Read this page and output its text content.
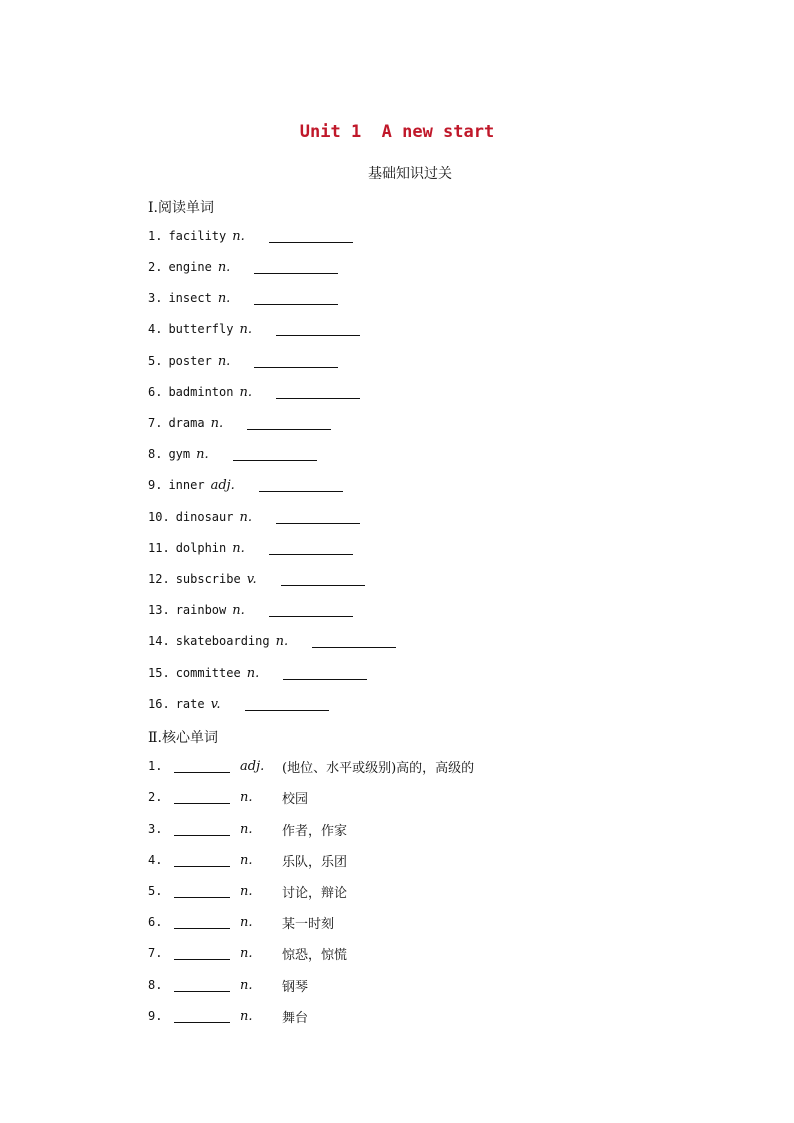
Unit 1  A new start
基础知识过关
Ⅰ.阅读单词
1. facility n.
2. engine n.
3. insect n.
4. butterfly n.
5. poster n.
6. badminton n.
7. drama n.
8. gym n.
9. inner adj.
10. dinosaur n.
11. dolphin n.
12. subscribe v.
13. rainbow n.
14. skateboarding n.
15. committee n.
16. rate v.
Ⅱ.核心单词
1.	adj.	(地位、水平或级别)高的，高级的
2.	n.	校园
3.	n.	作者，作家
4.	n.	乐队，乐团
5.	n.	讨论，辩论
6.	n.	某一时刻
7.	n.	惊恐，惊慌
8.	n.	钢琴
9.	n.	舞台
